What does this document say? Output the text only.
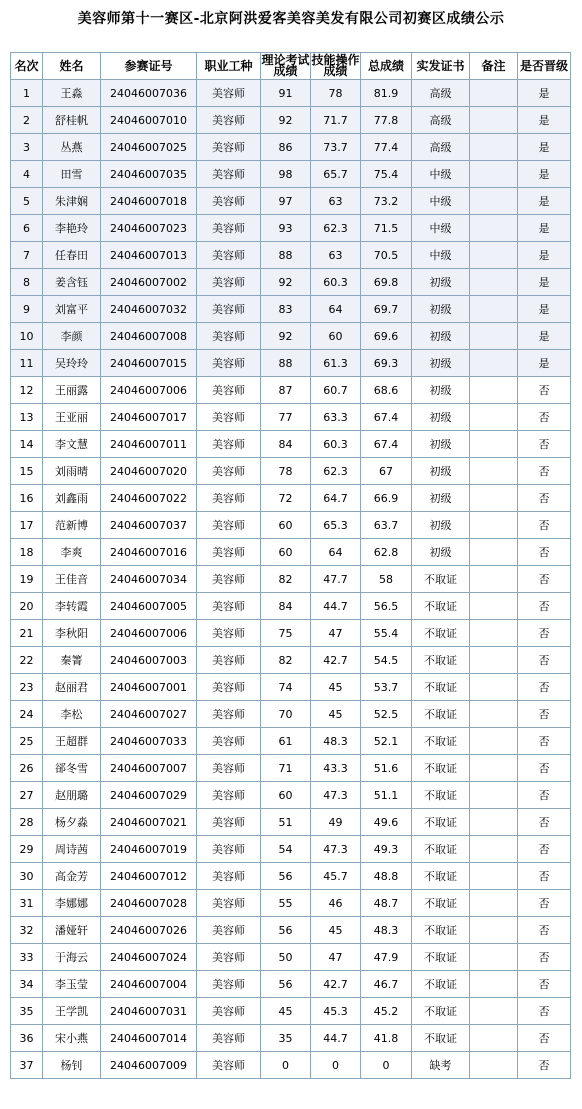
美容师第十一赛区-北京阿洪爱客美容美发有限公司初赛区成绩公示
名次	姓名	参赛证号	职业工种	理论考试成绩	技能操作成绩	总成绩	实发证书	备注	是否晋级
1	王淼	24046007036	美容师	91	78	81.9	高级		是
2	舒桂帆	24046007010	美容师	92	71.7	77.8	高级		是
3	丛燕	24046007025	美容师	86	73.7	77.4	高级		是
4	田雪	24046007035	美容师	98	65.7	75.4	中级		是
5	朱津娴	24046007018	美容师	97	63	73.2	中级		是
6	李艳玲	24046007023	美容师	93	62.3	71.5	中级		是
7	任春田	24046007013	美容师	88	63	70.5	中级		是
8	姜含钰	24046007002	美容师	92	60.3	69.8	初级		是
9	刘富平	24046007032	美容师	83	64	69.7	初级		是
10	李颜	24046007008	美容师	92	60	69.6	初级		是
11	吴玲玲	24046007015	美容师	88	61.3	69.3	初级		是
12	王丽露	24046007006	美容师	87	60.7	68.6	初级		否
13	王亚丽	24046007017	美容师	77	63.3	67.4	初级		否
14	李文慧	24046007011	美容师	84	60.3	67.4	初级		否
15	刘雨晴	24046007020	美容师	78	62.3	67	初级		否
16	刘鑫雨	24046007022	美容师	72	64.7	66.9	初级		否
17	范新博	24046007037	美容师	60	65.3	63.7	初级		否
18	李爽	24046007016	美容师	60	64	62.8	初级		否
19	王佳音	24046007034	美容师	82	47.7	58	不取证		否
20	李转霞	24046007005	美容师	84	44.7	56.5	不取证		否
21	李秋阳	24046007006	美容师	75	47	55.4	不取证		否
22	秦箐	24046007003	美容师	82	42.7	54.5	不取证		否
23	赵丽君	24046007001	美容师	74	45	53.7	不取证		否
24	李松	24046007027	美容师	70	45	52.5	不取证		否
25	王超群	24046007033	美容师	61	48.3	52.1	不取证		否
26	郤冬雪	24046007007	美容师	71	43.3	51.6	不取证		否
27	赵朋璐	24046007029	美容师	60	47.3	51.1	不取证		否
28	杨夕淼	24046007021	美容师	51	49	49.6	不取证		否
29	周诗茜	24046007019	美容师	54	47.3	49.3	不取证		否
30	高金芳	24046007012	美容师	56	45.7	48.8	不取证		否
31	李娜娜	24046007028	美容师	55	46	48.7	不取证		否
32	潘娅轩	24046007026	美容师	56	45	48.3	不取证		否
33	于海云	24046007024	美容师	50	47	47.9	不取证		否
34	李玉莹	24046007004	美容师	56	42.7	46.7	不取证		否
35	王学凯	24046007031	美容师	45	45.3	45.2	不取证		否
36	宋小燕	24046007014	美容师	35	44.7	41.8	不取证		否
37	杨钊	24046007009	美容师	0	0	0	缺考		否
